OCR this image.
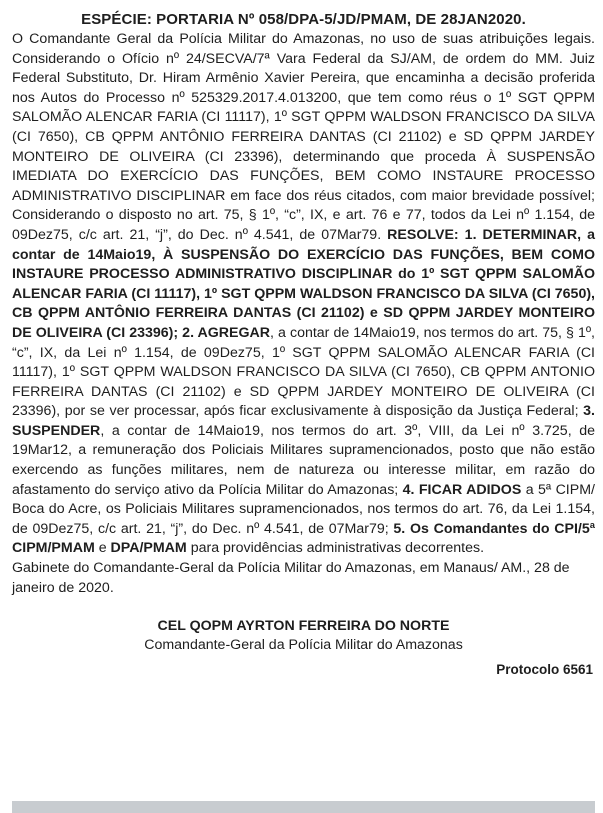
ESPÉCIE: PORTARIA Nº 058/DPA-5/JD/PMAM, DE 28JAN2020.

O Comandante Geral da Polícia Militar do Amazonas, no uso de suas atribuições legais. Considerando o Ofício nº 24/SECVA/7ª Vara Federal da SJ/AM, de ordem do MM. Juiz Federal Substituto, Dr. Hiram Armênio Xavier Pereira, que encaminha a decisão proferida nos Autos do Processo nº 525329.2017.4.013200, que tem como réus o 1º SGT QPPM SALOMÃO ALENCAR FARIA (CI 11117), 1º SGT QPPM WALDSON FRANCISCO DA SILVA (CI 7650), CB QPPM ANTÔNIO FERREIRA DANTAS (CI 21102) e SD QPPM JARDEY MONTEIRO DE OLIVEIRA (CI 23396), determinando que proceda À SUSPENSÃO IMEDIATA DO EXERCÍCIO DAS FUNÇÕES, BEM COMO INSTAURE PROCESSO ADMINISTRATIVO DISCIPLINAR em face dos réus citados, com maior brevidade possível; Considerando o disposto no art. 75, § 1º, “c”, IX, e art. 76 e 77, todos da Lei nº 1.154, de 09Dez75, c/c art. 21, “j”, do Dec. nº 4.541, de 07Mar79. RESOLVE: 1. DETERMINAR, a contar de 14Maio19, À SUSPENSÃO DO EXERCÍCIO DAS FUNÇÕES, BEM COMO INSTAURE PROCESSO ADMINISTRATIVO DISCIPLINAR do 1º SGT QPPM SALOMÃO ALENCAR FARIA (CI 11117), 1º SGT QPPM WALDSON FRANCISCO DA SILVA (CI 7650), CB QPPM ANTÔNIO FERREIRA DANTAS (CI 21102) e SD QPPM JARDEY MONTEIRO DE OLIVEIRA (CI 23396); 2. AGREGAR, a contar de 14Maio19, nos termos do art. 75, § 1º, “c”, IX, da Lei nº 1.154, de 09Dez75, 1º SGT QPPM SALOMÃO ALENCAR FARIA (CI 11117), 1º SGT QPPM WALDSON FRANCISCO DA SILVA (CI 7650), CB QPPM ANTONIO FERREIRA DANTAS (CI 21102) e SD QPPM JARDEY MONTEIRO DE OLIVEIRA (CI 23396), por se ver processar, após ficar exclusivamente à disposição da Justiça Federal; 3. SUSPENDER, a contar de 14Maio19, nos termos do art. 3º, VIII, da Lei nº 3.725, de 19Mar12, a remuneração dos Policiais Militares supramencionados, posto que não estão exercendo as funções militares, nem de natureza ou interesse militar, em razão do afastamento do serviço ativo da Polícia Militar do Amazonas; 4. FICAR ADIDOS a 5ª CIPM/ Boca do Acre, os Policiais Militares supramencionados, nos termos do art. 76, da Lei 1.154, de 09Dez75, c/c art. 21, “j”, do Dec. nº 4.541, de 07Mar79; 5. Os Comandantes do CPI/5ª CIPM/PMAM e DPA/PMAM para providências administrativas decorrentes.

Gabinete do Comandante-Geral da Polícia Militar do Amazonas, em Manaus/ AM., 28 de janeiro de 2020.

CEL QOPM AYRTON FERREIRA DO NORTE
Comandante-Geral da Polícia Militar do Amazonas
Protocolo 6561
